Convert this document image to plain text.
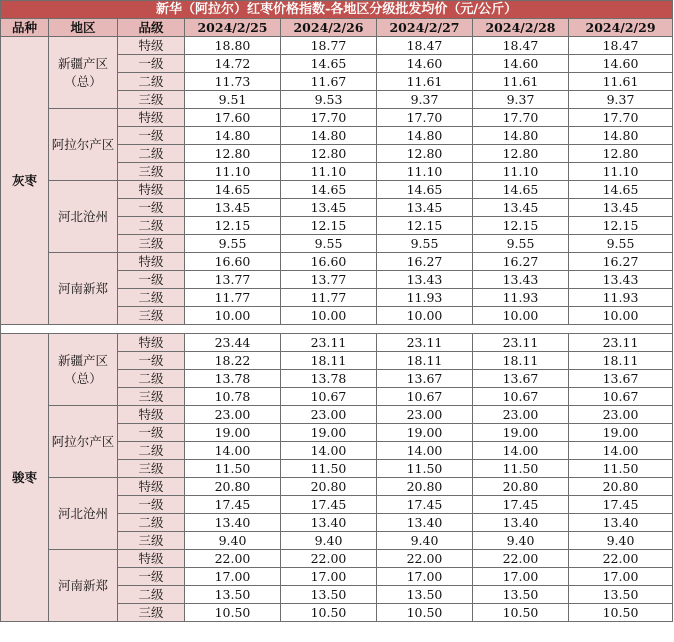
新华（阿拉尔）红枣价格指数-各地区分级批发均价（元/公斤）							
品种	地区	品级	2024/2/25	2024/2/26	2024/2/27	2024/2/28	2024/2/29
灰枣	新疆产区（总）	特级	18.80	18.77	18.47	18.47	18.47
		一级	14.72	14.65	14.60	14.60	14.60
		二级	11.73	11.67	11.61	11.61	11.61
		三级	9.51	9.53	9.37	9.37	9.37
	阿拉尔产区	特级	17.60	17.70	17.70	17.70	17.70
		一级	14.80	14.80	14.80	14.80	14.80
		二级	12.80	12.80	12.80	12.80	12.80
		三级	11.10	11.10	11.10	11.10	11.10
	河北沧州	特级	14.65	14.65	14.65	14.65	14.65
		一级	13.45	13.45	13.45	13.45	13.45
		二级	12.15	12.15	12.15	12.15	12.15
		三级	9.55	9.55	9.55	9.55	9.55
	河南新郑	特级	16.60	16.60	16.27	16.27	16.27
		一级	13.77	13.77	13.43	13.43	13.43
		二级	11.77	11.77	11.93	11.93	11.93
		三级	10.00	10.00	10.00	10.00	10.00

骏枣	新疆产区（总）	特级	23.44	23.11	23.11	23.11	23.11
		一级	18.22	18.11	18.11	18.11	18.11
		二级	13.78	13.78	13.67	13.67	13.67
		三级	10.78	10.67	10.67	10.67	10.67
	阿拉尔产区	特级	23.00	23.00	23.00	23.00	23.00
		一级	19.00	19.00	19.00	19.00	19.00
		二级	14.00	14.00	14.00	14.00	14.00
		三级	11.50	11.50	11.50	11.50	11.50
	河北沧州	特级	20.80	20.80	20.80	20.80	20.80
		一级	17.45	17.45	17.45	17.45	17.45
		二级	13.40	13.40	13.40	13.40	13.40
		三级	9.40	9.40	9.40	9.40	9.40
	河南新郑	特级	22.00	22.00	22.00	22.00	22.00
		一级	17.00	17.00	17.00	17.00	17.00
		二级	13.50	13.50	13.50	13.50	13.50
		三级	10.50	10.50	10.50	10.50	10.50
